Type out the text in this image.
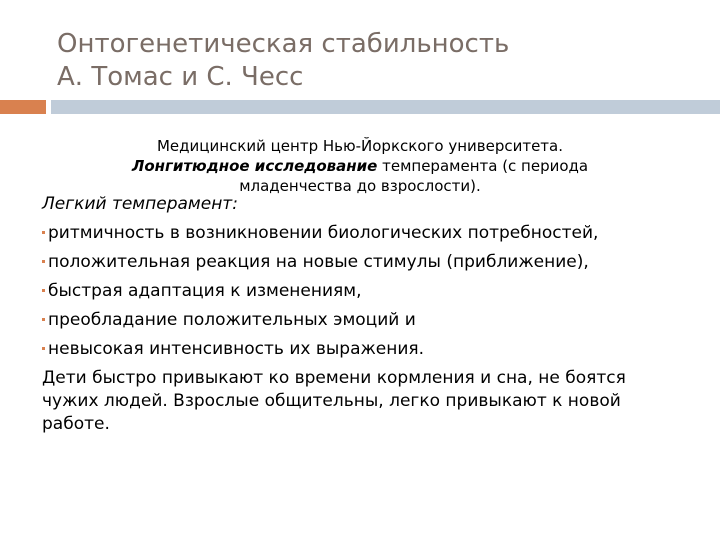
Онтогенетическая стабильность
А. Томас и С. Чесс

Медицинский центр Нью-Йоркского университета.
Лонгитюдное исследование темперамента (с периода
младенчества до взрослости).

Легкий темперамент:

ритмичность в возникновении биологических потребностей,
положительная реакция на новые стимулы (приближение),
быстрая адаптация к изменениям,
преобладание положительных эмоций и
невысокая интенсивность их выражения.

Дети быстро привыкают ко времени кормления и сна, не боятся чужих людей. Взрослые общительны, легко привыкают к новой работе.
